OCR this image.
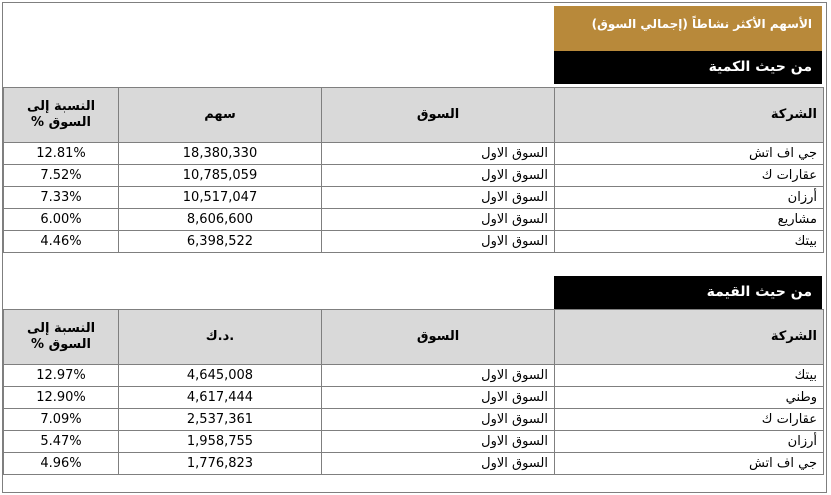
الأسهم الأكثر نشاطاً (إجمالي السوق)
من حيث الكمية
النسبة إلى السوق %	سهم	السوق	الشركة
12.81%	18,380,330	السوق الاول	جي اف اتش
7.52%	10,785,059	السوق الاول	عقارات ك
7.33%	10,517,047	السوق الاول	أرزان
6.00%	8,606,600	السوق الاول	مشاريع
4.46%	6,398,522	السوق الاول	بيتك
من حيث القيمة
النسبة إلى السوق %	د.ك.	السوق	الشركة
12.97%	4,645,008	السوق الاول	بيتك
12.90%	4,617,444	السوق الاول	وطني
7.09%	2,537,361	السوق الاول	عقارات ك
5.47%	1,958,755	السوق الاول	أرزان
4.96%	1,776,823	السوق الاول	جي اف اتش
